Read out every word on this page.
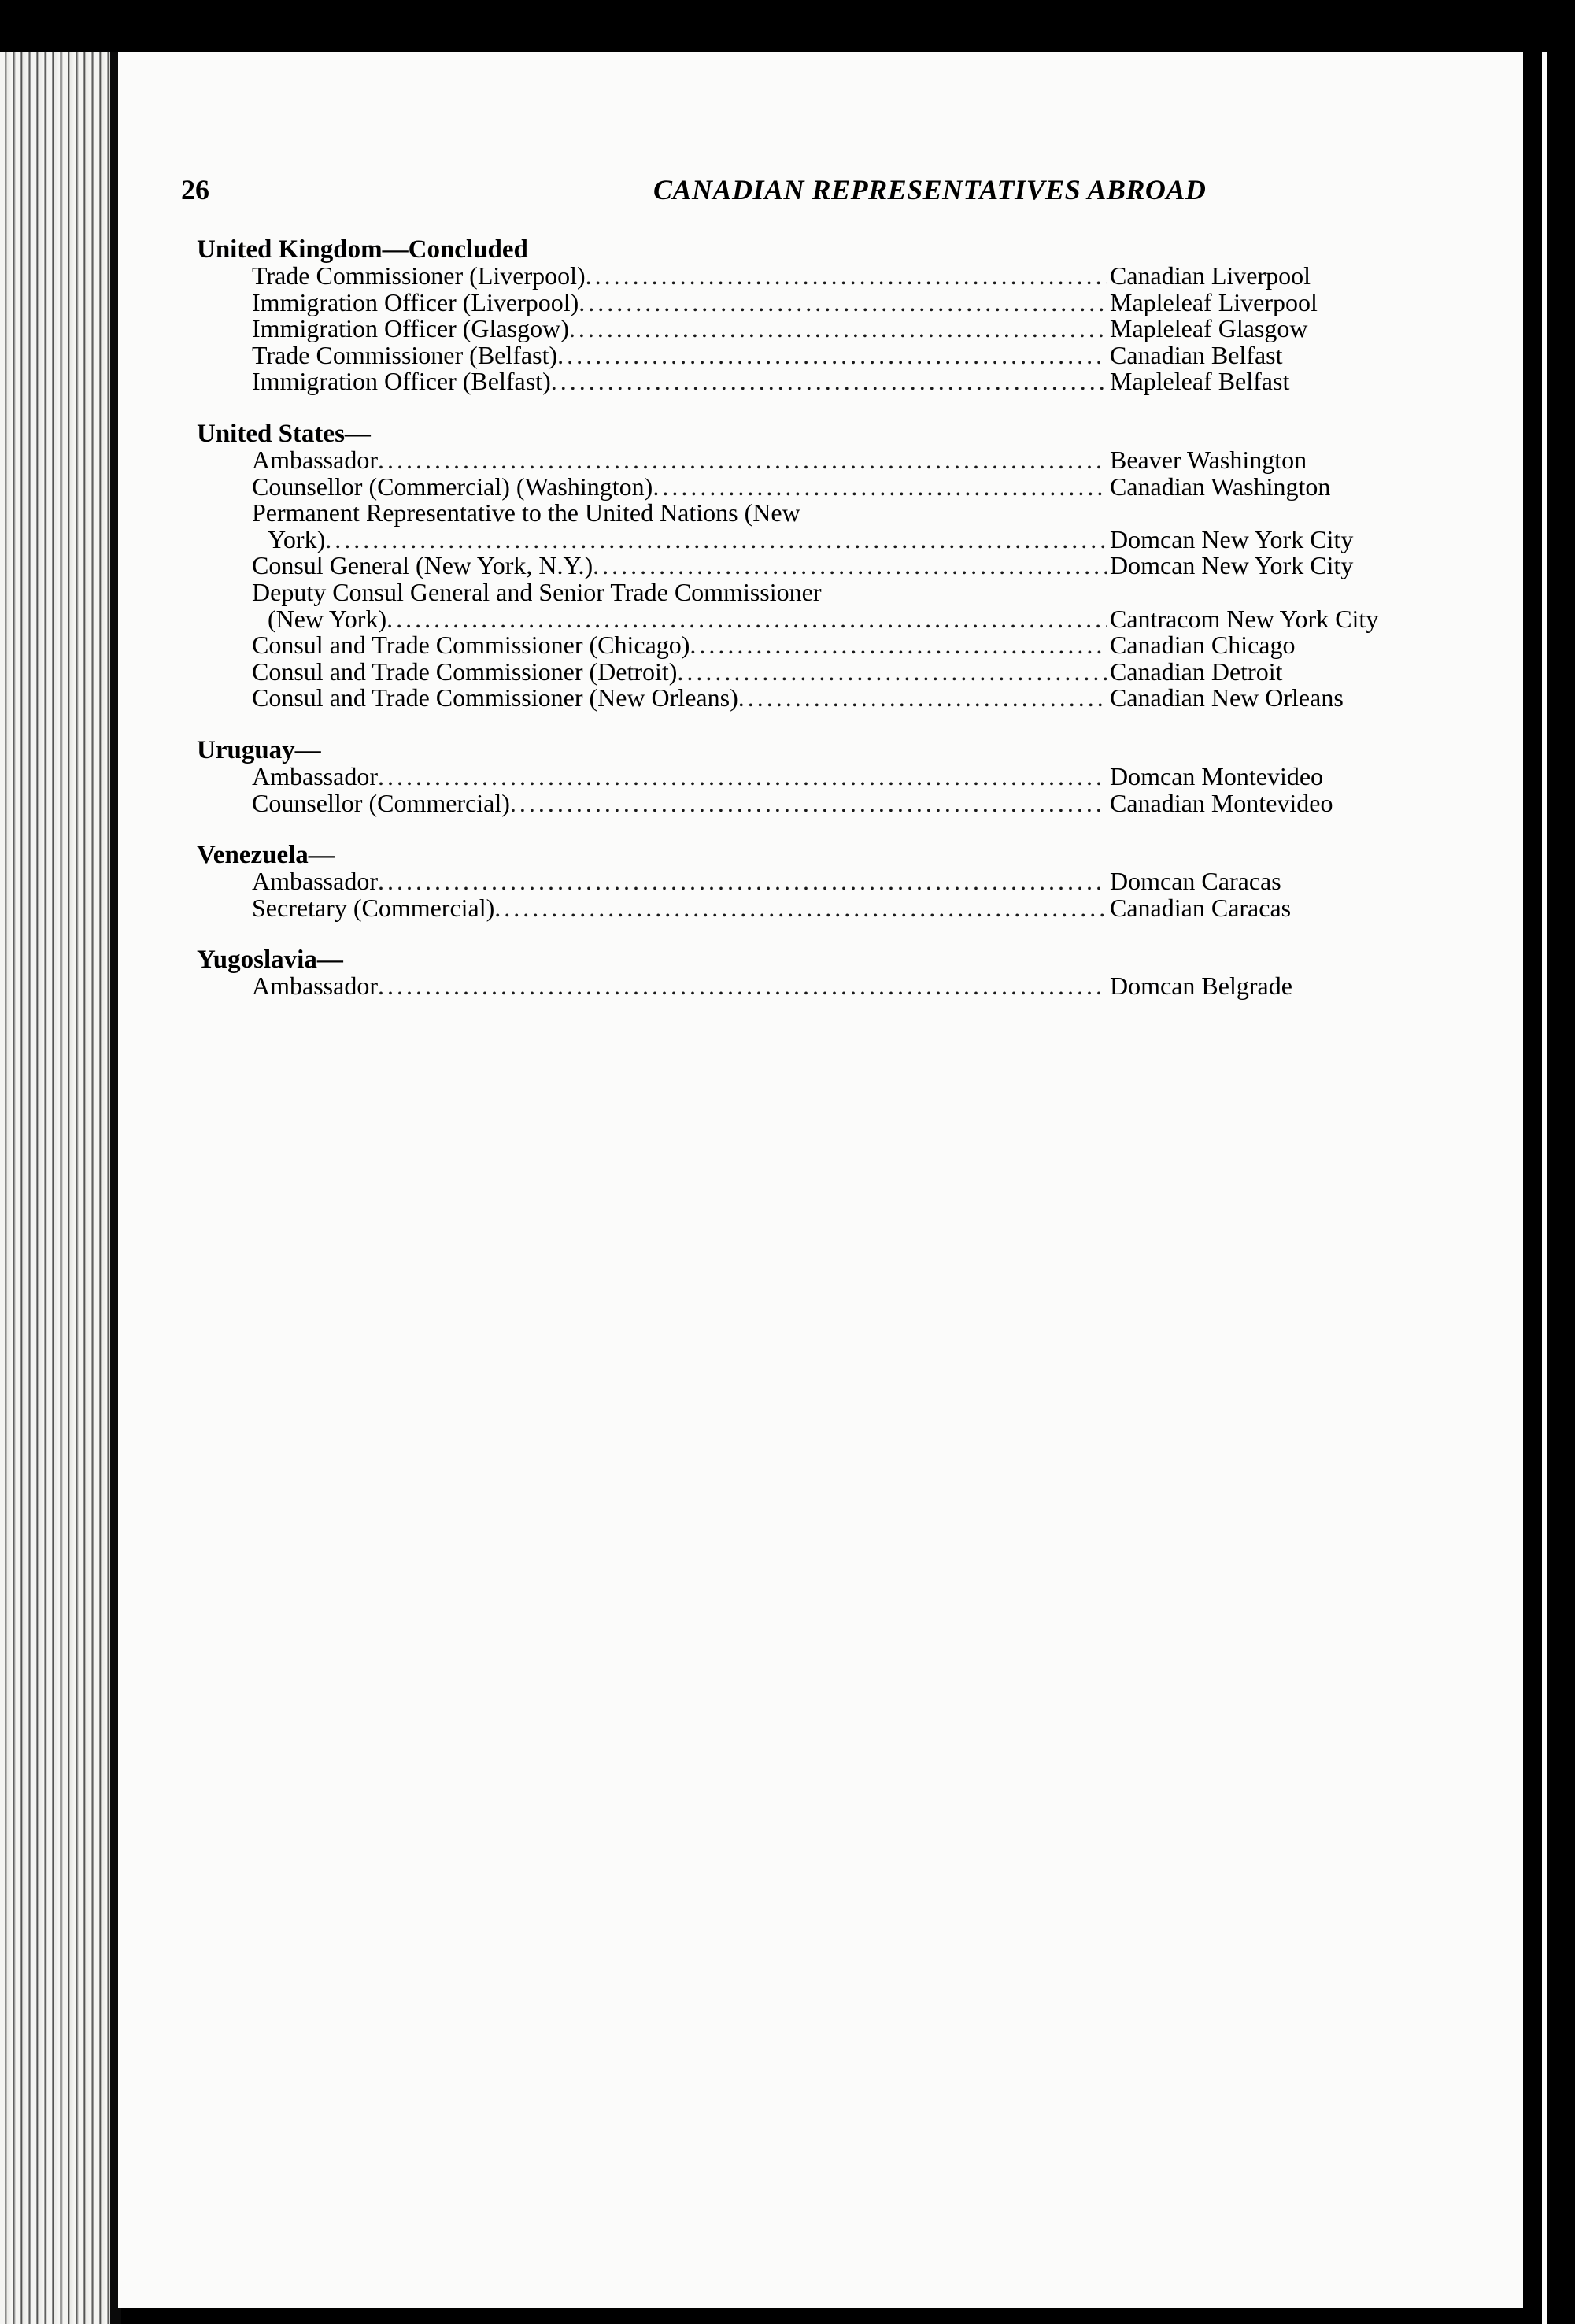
26	CANADIAN REPRESENTATIVES ABROAD
United Kingdom—Concluded
Trade Commissioner (Liverpool) .....	Canadian Liverpool
Immigration Officer (Liverpool) .....	Mapleleaf Liverpool
Immigration Officer (Glasgow) .....	Mapleleaf Glasgow
Trade Commissioner (Belfast) .....	Canadian Belfast
Immigration Officer (Belfast) .....	Mapleleaf Belfast
United States—
Ambassador .....	Beaver Washington
Counsellor (Commercial) (Washington) .....	Canadian Washington
Permanent Representative to the United Nations (New
York) .....	Domcan New York City
Consul General (New York, N.Y.) .....	Domcan New York City
Deputy Consul General and Senior Trade Commissioner
(New York) .....	Cantracom New York City
Consul and Trade Commissioner (Chicago) .....	Canadian Chicago
Consul and Trade Commissioner (Detroit) .....	Canadian Detroit
Consul and Trade Commissioner (New Orleans) .....	Canadian New Orleans
Uruguay—
Ambassador .....	Domcan Montevideo
Counsellor (Commercial) .....	Canadian Montevideo
Venezuela—
Ambassador .....	Domcan Caracas
Secretary (Commercial) .....	Canadian Caracas
Yugoslavia—
Ambassador .....	Domcan Belgrade
